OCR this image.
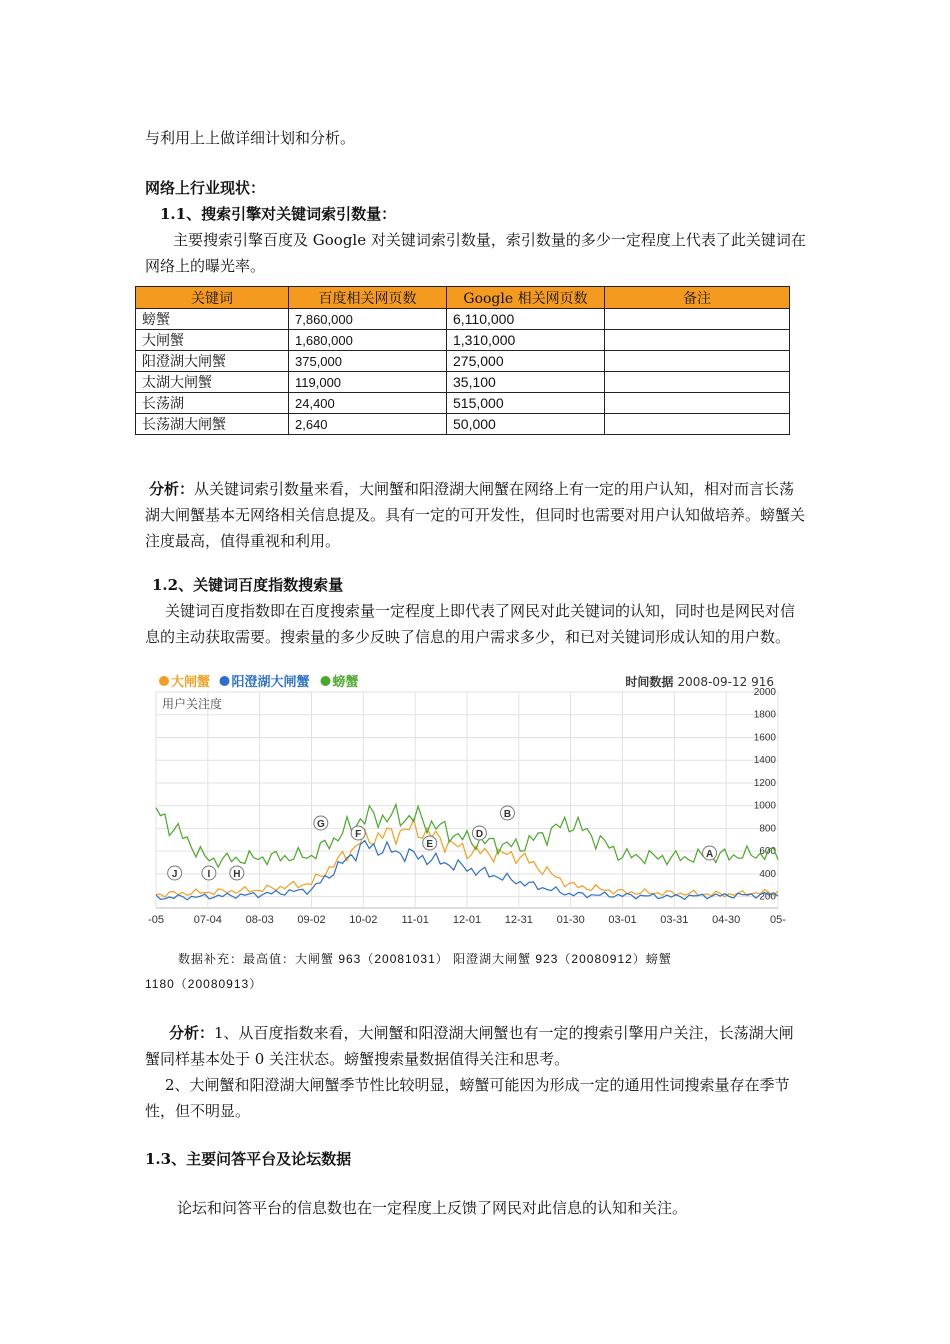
与利用上上做详细计划和分析。

网络上行业现状：

1.1、搜索引擎对关键词索引数量：

主要搜索引擎百度及 Google 对关键词索引数量，索引数量的多少一定程度上代表了此关键词在网络上的曝光率。

关键词	百度相关网页数	Google 相关网页数	备注
螃蟹	7,860,000	6,110,000	
大闸蟹	1,680,000	1,310,000	
阳澄湖大闸蟹	375,000	275,000	
太湖大闸蟹	119,000	35,100	
长荡湖	24,400	515,000	
长荡湖大闸蟹	2,640	50,000	

分析：从关键词索引数量来看，大闸蟹和阳澄湖大闸蟹在网络上有一定的用户认知，相对而言长荡湖大闸蟹基本无网络相关信息提及。具有一定的可开发性，但同时也需要对用户认知做培养。螃蟹关注度最高，值得重视和利用。

1.2、关键词百度指数搜索量

关键词百度指数即在百度搜索量一定程度上即代表了网民对此关键词的认知，同时也是网民对信息的主动获取需要。搜索量的多少反映了信息的用户需求多少，和已对关键词形成认知的用户数。

200
400
600
800
1000
1200
1400
1600
1800
2000
-05	07-04 08-03 09-02 10-02 11-01 12-01 12-31 01-30 03-01 03-31 04-30	05-
用户关注度
J	I H
G
F
E
D
B
A
大闸蟹 阳澄湖大闸蟹 螃蟹	时间数据 2008-09-12 916
数据补充：最高值：大闸蟹 963（20081031） 阳澄湖大闸蟹 923（20080912）螃蟹
1180（20080913）

分析：1、从百度指数来看，大闸蟹和阳澄湖大闸蟹也有一定的搜索引擎用户关注，长荡湖大闸蟹同样基本处于 0 关注状态。螃蟹搜索量数据值得关注和思考。

2、大闸蟹和阳澄湖大闸蟹季节性比较明显，螃蟹可能因为形成一定的通用性词搜索量存在季节性，但不明显。

1.3、主要问答平台及论坛数据

论坛和问答平台的信息数也在一定程度上反馈了网民对此信息的认知和关注。
